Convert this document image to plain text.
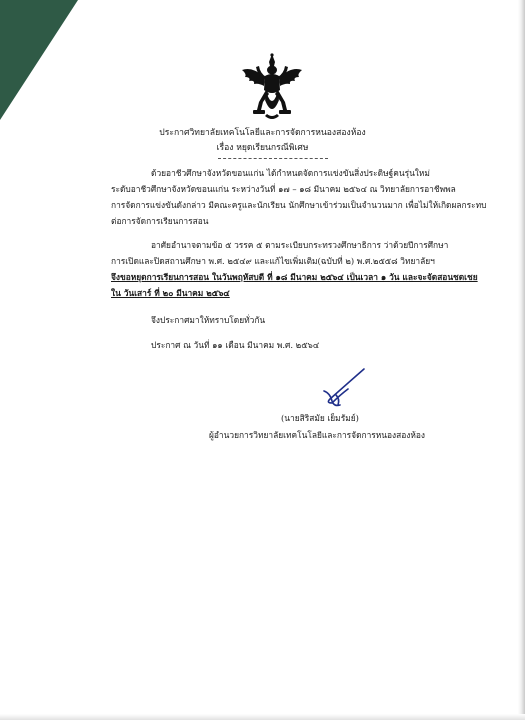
ประกาศวิทยาลัยเทคโนโลยีและการจัดการหนองสองห้อง
เรื่อง หยุดเรียนกรณีพิเศษ
ด้วยอาชีวศึกษาจังหวัดขอนแก่น ได้กำหนดจัดการแข่งขันสิ่งประดิษฐ์คนรุ่นใหม่
ระดับอาชีวศึกษาจังหวัดขอนแก่น ระหว่างวันที่ ๑๗ – ๑๘ มีนาคม ๒๕๖๔ ณ วิทยาลัยการอาชีพพล
การจัดการแข่งขันดังกล่าว มีคณะครูและนักเรียน นักศึกษาเข้าร่วมเป็นจำนวนมาก เพื่อไม่ให้เกิดผลกระทบ
ต่อการจัดการเรียนการสอน
อาศัยอำนาจตามข้อ ๕ วรรค ๕ ตามระเบียบกระทรวงศึกษาธิการ ว่าด้วยปีการศึกษา
การเปิดและปิดสถานศึกษา พ.ศ. ๒๕๔๙ และแก้ไขเพิ่มเติม(ฉบับที่ ๒) พ.ศ.๒๕๕๘ วิทยาลัยฯ
จึงขอหยุดการเรียนการสอน ในวันพฤหัสบดี ที่ ๑๘ มีนาคม ๒๕๖๔ เป็นเวลา ๑ วัน และจะจัดสอนชดเชย
ใน วันเสาร์ ที่ ๒๐ มีนาคม ๒๕๖๔
จึงประกาศมาให้ทราบโดยทั่วกัน
ประกาศ ณ วันที่ ๑๑ เดือน มีนาคม พ.ศ. ๒๕๖๔
(นายสิริสมัย เย็มรัมย์)
ผู้อำนวยการวิทยาลัยเทคโนโลยีและการจัดการหนองสองห้อง
